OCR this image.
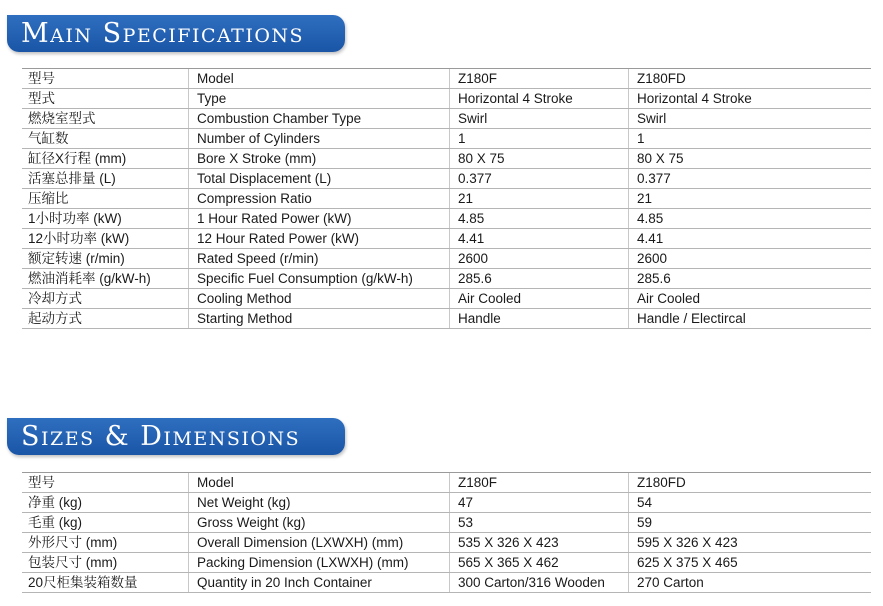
Main Specifications
型号	Model	Z180F	Z180FD
型式	Type	Horizontal 4 Stroke	Horizontal 4 Stroke
燃烧室型式	Combustion Chamber Type	Swirl	Swirl
气缸数	Number of Cylinders	1	1
缸径X行程 (mm)	Bore X Stroke (mm)	80 X 75	80 X 75
活塞总排量 (L)	Total Displacement (L)	0.377	0.377
压缩比	Compression Ratio	21	21
1小时功率 (kW)	1 Hour Rated Power (kW)	4.85	4.85
12小时功率 (kW)	12 Hour Rated Power (kW)	4.41	4.41
额定转速 (r/min)	Rated Speed (r/min)	2600	2600
燃油消耗率 (g/kW-h)	Specific Fuel Consumption (g/kW-h)	285.6	285.6
冷却方式	Cooling Method	Air Cooled	Air Cooled
起动方式	Starting Method	Handle	Handle / Electircal
Sizes & Dimensions
型号	Model	Z180F	Z180FD
净重 (kg)	Net Weight (kg)	47	54
毛重 (kg)	Gross Weight (kg)	53	59
外形尺寸 (mm)	Overall Dimension (LXWXH) (mm)	535 X 326 X 423	595 X 326 X 423
包装尺寸 (mm)	Packing Dimension (LXWXH) (mm)	565 X 365 X 462	625 X 375 X 465
20尺柜集装箱数量	Quantity in 20 Inch Container	300 Carton/316 Wooden	270 Carton
